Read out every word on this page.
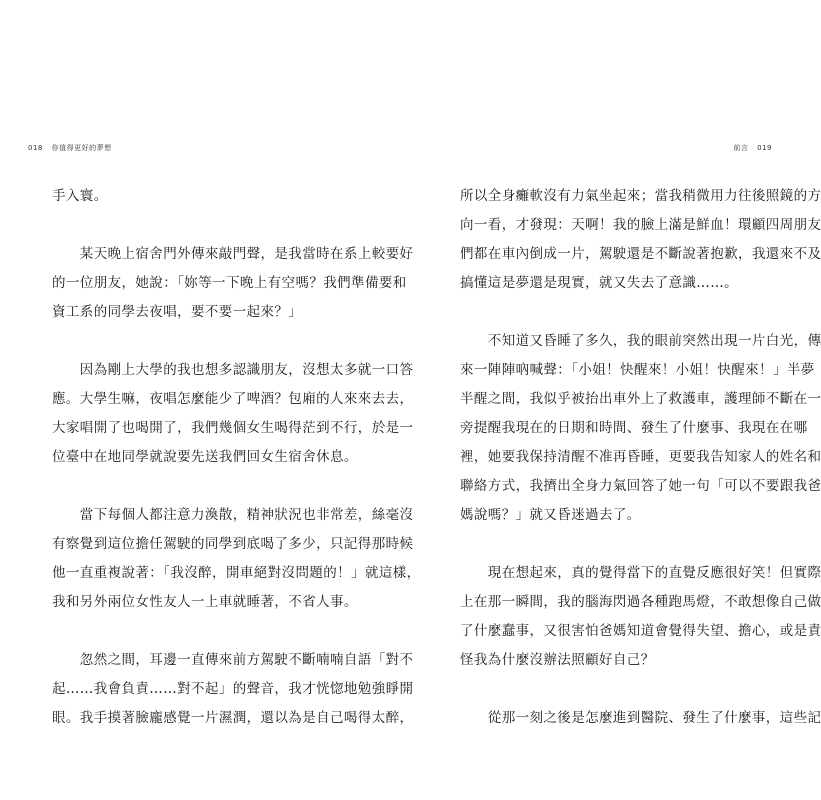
018 你值得更好的夢想	前言 019
手入寰。
　　某天晚上宿舍門外傳來敲門聲，是我當時在系上較要好
的一位朋友，她說：「妳等一下晚上有空嗎？我們準備要和
資工系的同學去夜唱，要不要一起來？」
　　因為剛上大學的我也想多認識朋友，沒想太多就一口答
應。大學生嘛，夜唱怎麼能少了啤酒？包廂的人來來去去，
大家唱開了也喝開了，我們幾個女生喝得茫到不行，於是一
位臺中在地同學就說要先送我們回女生宿舍休息。
　　當下每個人都注意力渙散，精神狀況也非常差，絲毫沒
有察覺到這位擔任駕駛的同學到底喝了多少，只記得那時候
他一直重複說著：「我沒醉，開車絕對沒問題的！」就這樣，
我和另外兩位女性友人一上車就睡著，不省人事。
　　忽然之間，耳邊一直傳來前方駕駛不斷喃喃自語「對不
起……我會負責……對不起」的聲音，我才恍惚地勉強睜開
眼。我手摸著臉龐感覺一片濕潤，還以為是自己喝得太醉，
所以全身癱軟沒有力氣坐起來；當我稍微用力往後照鏡的方
向一看，才發現：天啊！我的臉上滿是鮮血！環顧四周朋友
們都在車內倒成一片，駕駛還是不斷說著抱歉，我還來不及
搞懂這是夢還是現實，就又失去了意識……。
　　不知道又昏睡了多久，我的眼前突然出現一片白光，傳
來一陣陣吶喊聲：「小姐！快醒來！小姐！快醒來！」半夢
半醒之間，我似乎被抬出車外上了救護車，護理師不斷在一
旁提醒我現在的日期和時間、發生了什麼事、我現在在哪
裡，她要我保持清醒不准再昏睡，更要我告知家人的姓名和
聯絡方式，我擠出全身力氣回答了她一句「可以不要跟我爸
媽說嗎？」就又昏迷過去了。
　　現在想起來，真的覺得當下的直覺反應很好笑！但實際
上在那一瞬間，我的腦海閃過各種跑馬燈，不敢想像自己做
了什麼蠢事，又很害怕爸媽知道會覺得失望、擔心，或是責
怪我為什麼沒辦法照顧好自己？
　　從那一刻之後是怎麼進到醫院、發生了什麼事，這些記
